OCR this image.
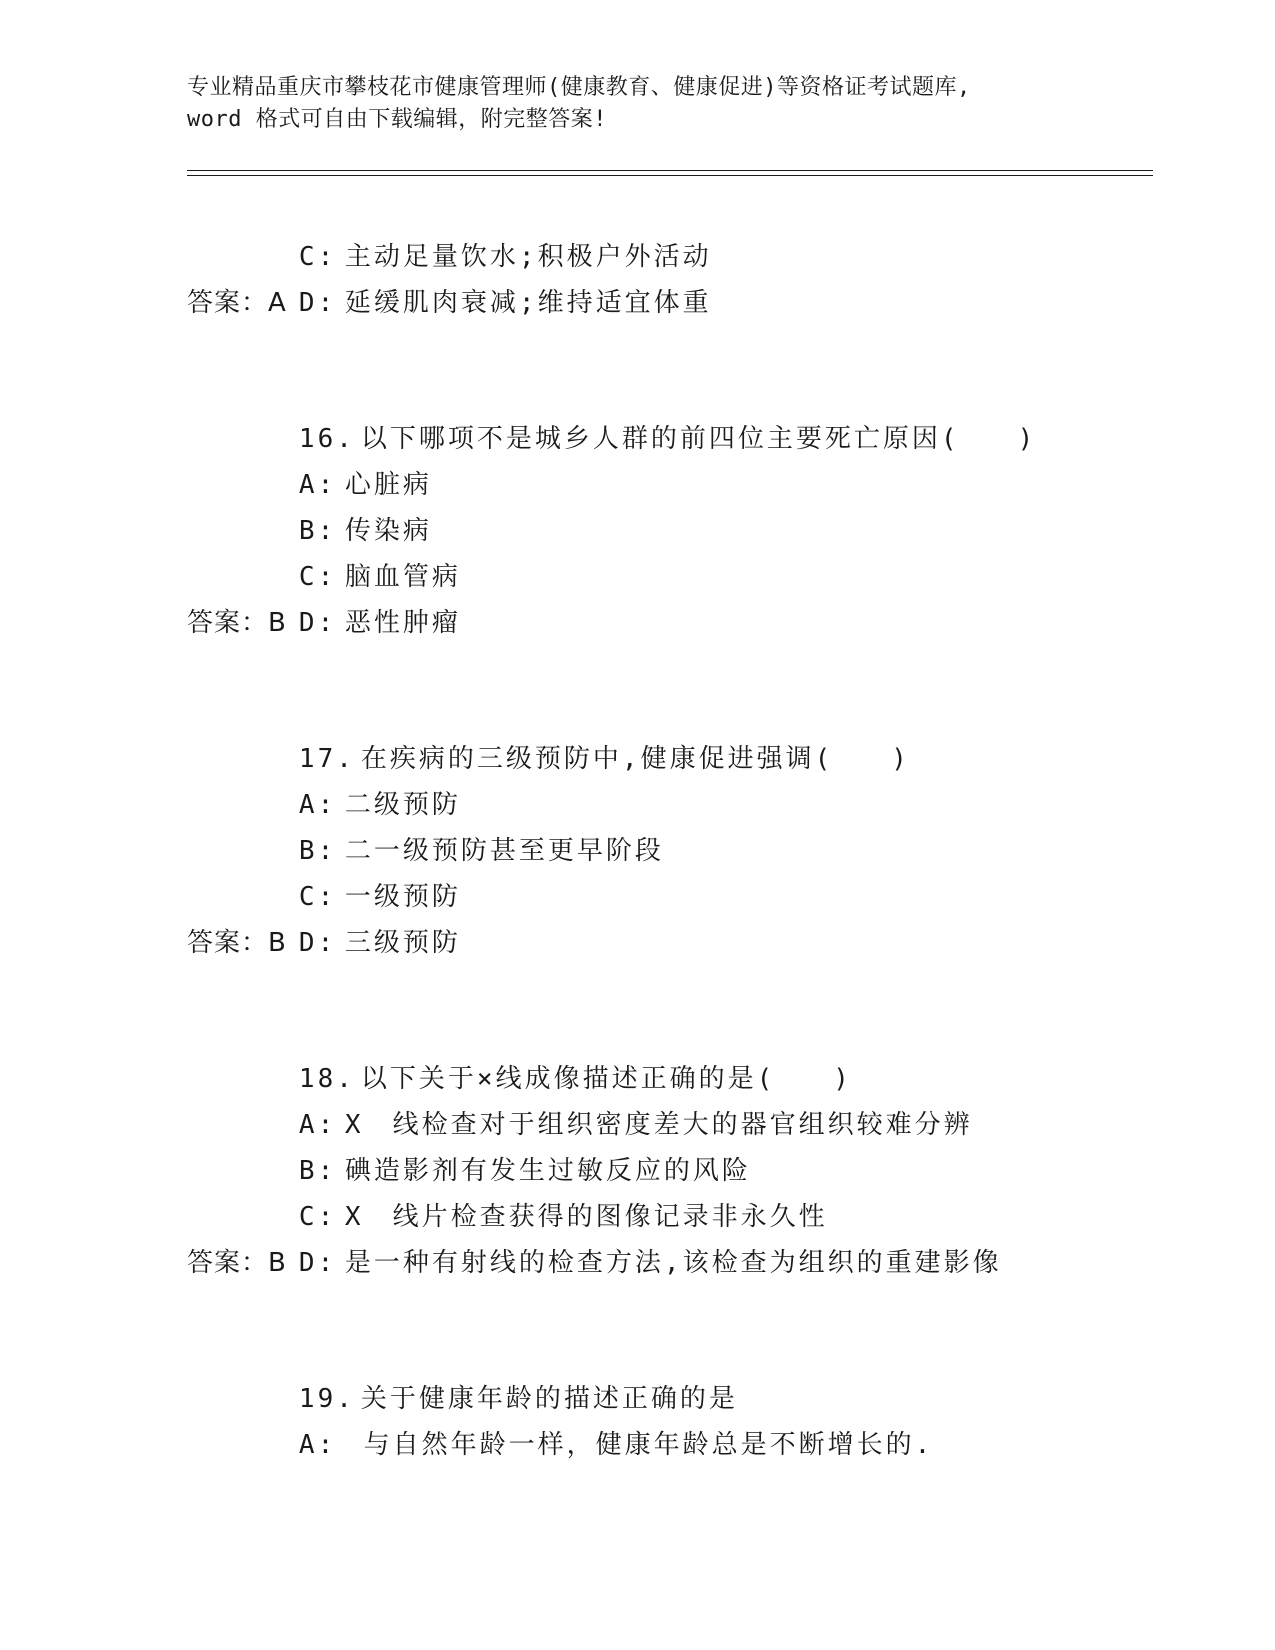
专业精品重庆市攀枝花市健康管理师(健康教育、健康促进)等资格证考试题库,
word 格式可自由下载编辑，附完整答案!

C: 主动足量饮水;积极户外活动

D: 延缓肌肉衰减;维持适宜体重

答案：A

16. 以下哪项不是城乡人群的前四位主要死亡原因(　　)

A: 心脏病

B: 传染病

C: 脑血管病

D: 恶性肿瘤

答案：B

17. 在疾病的三级预防中,健康促进强调(　　)

A: 二级预防

B: 二一级预防甚至更早阶段

C: 一级预防

D: 三级预防

答案：B

18. 以下关于×线成像描述正确的是(　　)

A: X　线检查对于组织密度差大的器官组织较难分辨

B: 碘造影剂有发生过敏反应的风险

C: X　线片检查获得的图像记录非永久性

D: 是一种有射线的检查方法,该检查为组织的重建影像

答案：B

19. 关于健康年龄的描述正确的是

A: 与自然年龄一样，健康年龄总是不断增长的.
